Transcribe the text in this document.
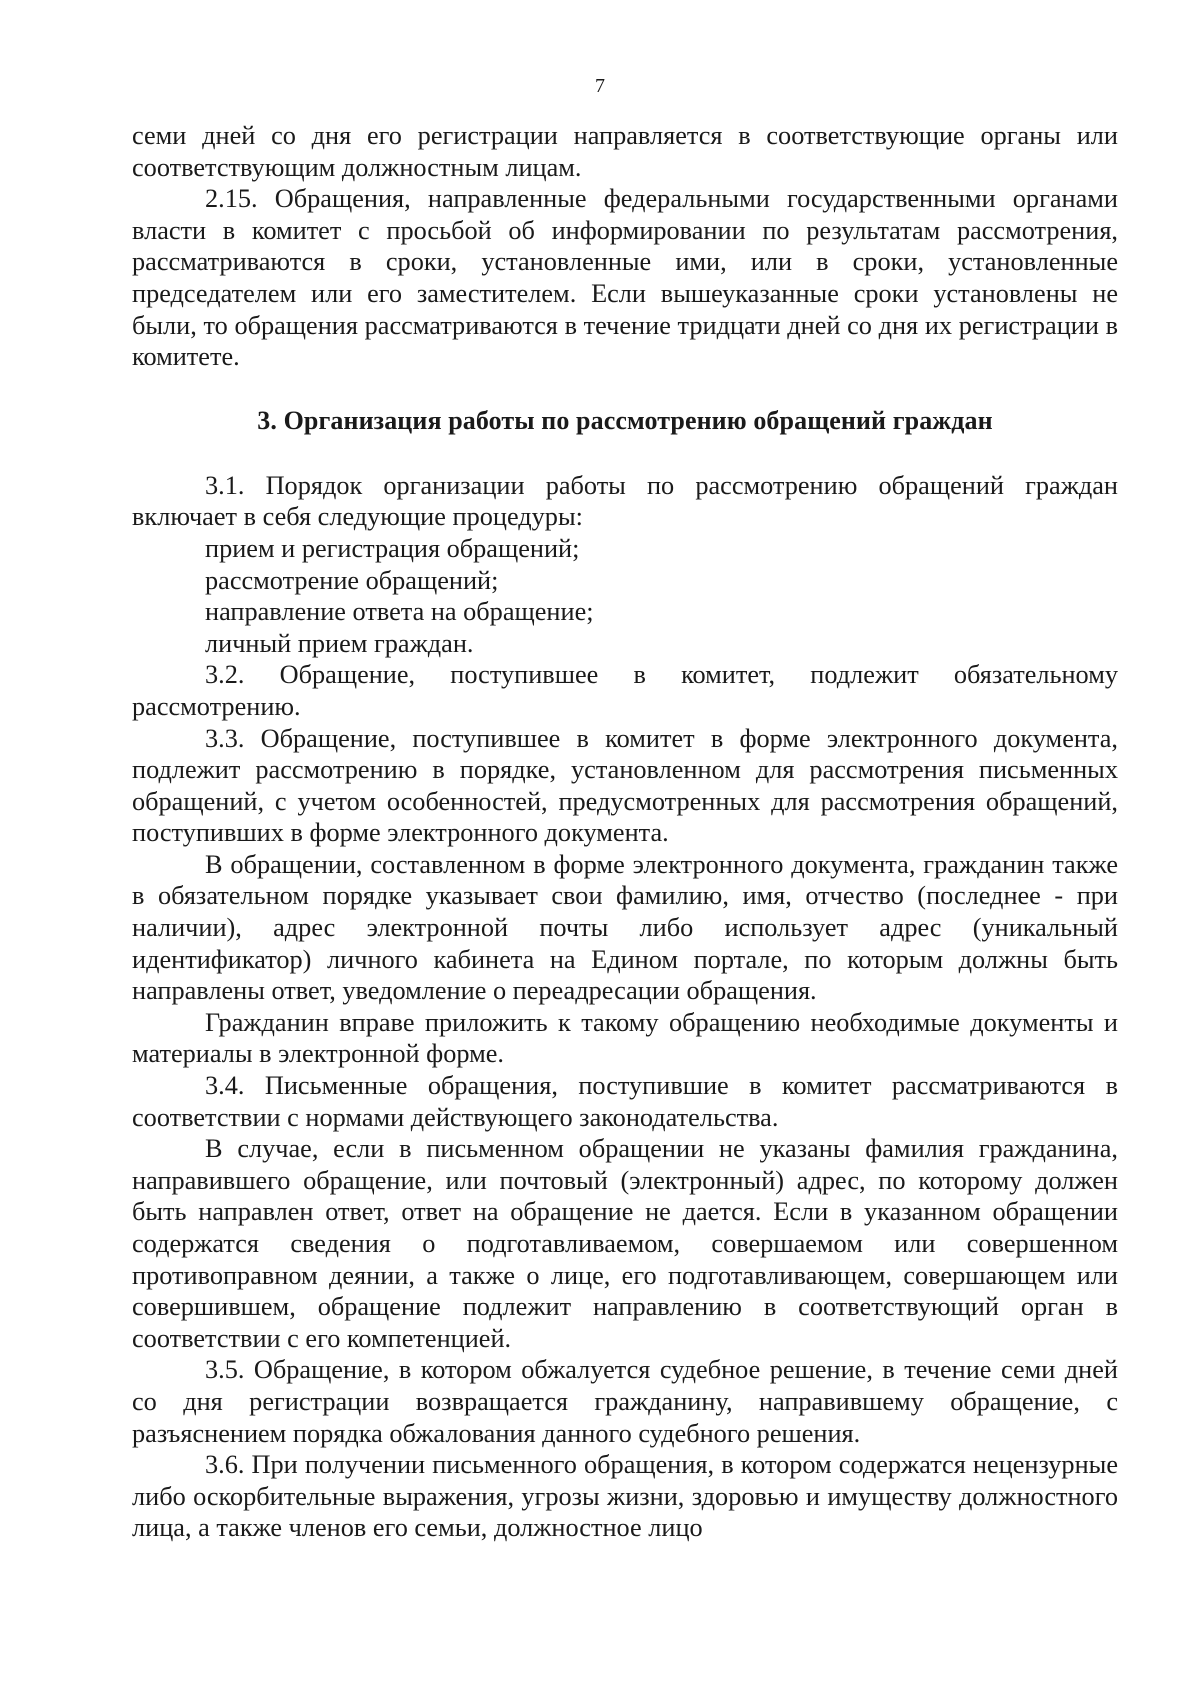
7

семи дней со дня его регистрации направляется в соответствующие органы или соответствующим должностным лицам.

2.15. Обращения, направленные федеральными государственными органами власти в комитет с просьбой об информировании по результатам рассмотрения, рассматриваются в сроки, установленные ими, или в сроки, установленные председателем или его заместителем. Если вышеуказанные сроки установлены не были, то обращения рассматриваются в течение тридцати дней со дня их регистрации в комитете.

3. Организация работы по рассмотрению обращений граждан

3.1. Порядок организации работы по рассмотрению обращений граждан включает в себя следующие процедуры:

прием и регистрация обращений;

рассмотрение обращений;

направление ответа на обращение;

личный прием граждан.

3.2. Обращение, поступившее в комитет, подлежит обязательному рассмотрению.

3.3. Обращение, поступившее в комитет в форме электронного документа, подлежит рассмотрению в порядке, установленном для рассмотрения письменных обращений, с учетом особенностей, предусмотренных для рассмотрения обращений, поступивших в форме электронного документа.

В обращении, составленном в форме электронного документа, гражданин также в обязательном порядке указывает свои фамилию, имя, отчество (последнее - при наличии), адрес электронной почты либо использует адрес (уникальный идентификатор) личного кабинета на Едином портале, по которым должны быть направлены ответ, уведомление о переадресации обращения.

Гражданин вправе приложить к такому обращению необходимые документы и материалы в электронной форме.

3.4. Письменные обращения, поступившие в комитет рассматриваются в соответствии с нормами действующего законодательства.

В случае, если в письменном обращении не указаны фамилия гражданина, направившего обращение, или почтовый (электронный) адрес, по которому должен быть направлен ответ, ответ на обращение не дается. Если в указанном обращении содержатся сведения о подготавливаемом, совершаемом или совершенном противоправном деянии, а также о лице, его подготавливающем, совершающем или совершившем, обращение подлежит направлению в соответствующий орган в соответствии с его компетенцией.

3.5. Обращение, в котором обжалуется судебное решение, в течение семи дней со дня регистрации возвращается гражданину, направившему обращение, с разъяснением порядка обжалования данного судебного решения.

3.6. При получении письменного обращения, в котором содержатся нецензурные либо оскорбительные выражения, угрозы жизни, здоровью и имуществу должностного лица, а также членов его семьи, должностное лицо
